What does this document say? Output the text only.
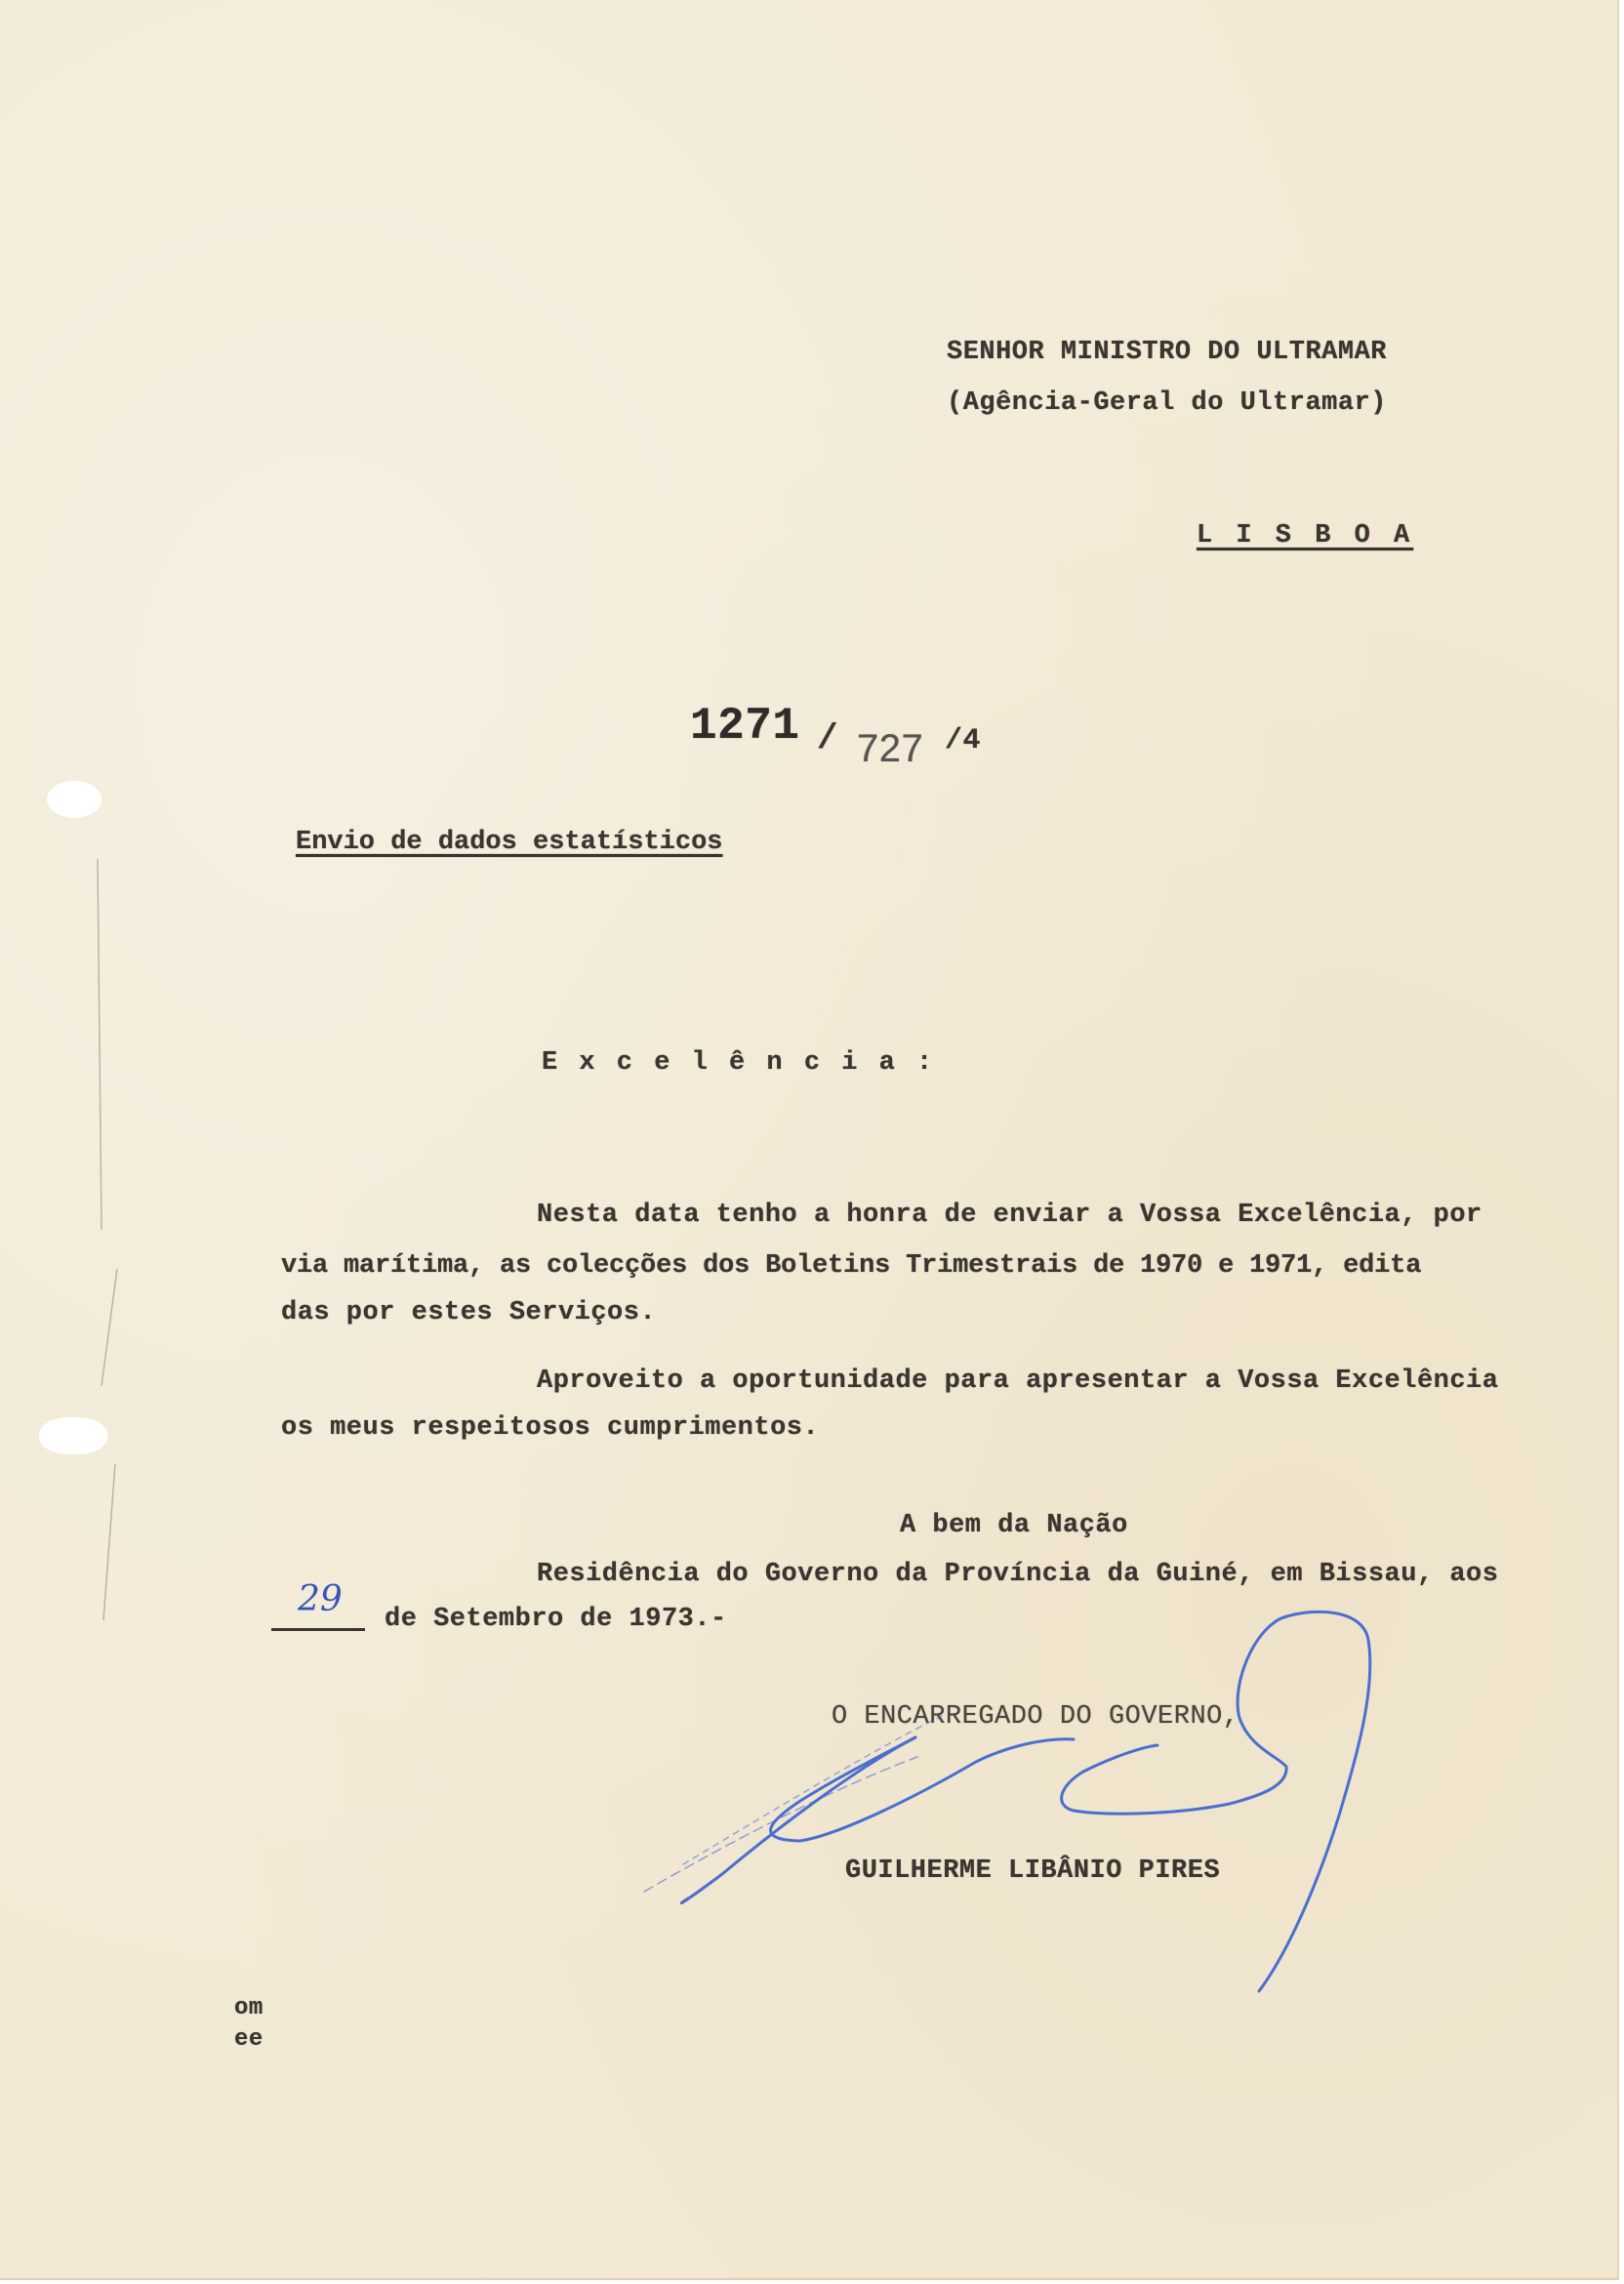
SENHOR MINISTRO DO ULTRAMAR
(Agência-Geral do Ultramar)
L I S B O A
1271 / 727 /4
Envio de dados estatísticos
E x c e l ê n c i a :
Nesta data tenho a honra de enviar a Vossa Excelência, por
via marítima, as colecções dos Boletins Trimestrais de 1970 e 1971, edita
das por estes Serviços.
Aproveito a oportunidade para apresentar a Vossa Excelência
os meus respeitosos cumprimentos.
A bem da Nação
Residência do Governo da Província da Guiné, em Bissau, aos
29 de Setembro de 1973.-
O ENCARREGADO DO GOVERNO,
GUILHERME LIBÂNIO PIRES
om
ee
